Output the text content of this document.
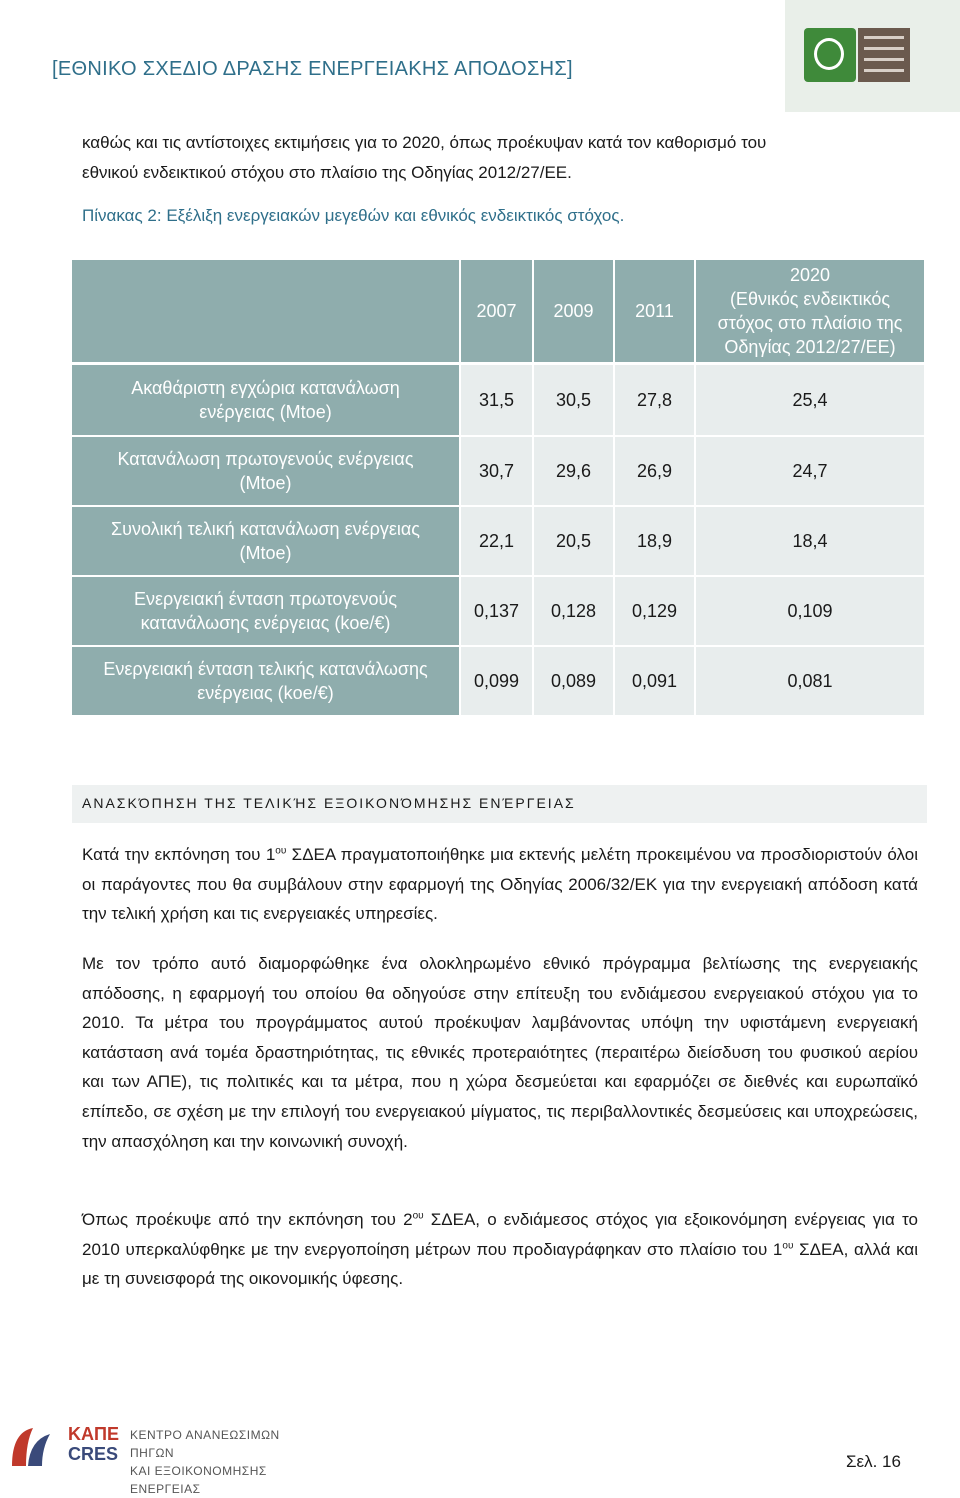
[ΕΘΝΙΚΟ ΣΧΕΔΙΟ ΔΡΑΣΗΣ ΕΝΕΡΓΕΙΑΚΗΣ ΑΠΟΔΟΣΗΣ]
καθώς και τις αντίστοιχες εκτιμήσεις για το 2020, όπως προέκυψαν κατά τον καθορισμό του
εθνικού ενδεικτικού στόχου στο πλαίσιο της Οδηγίας 2012/27/ΕΕ.
Πίνακας 2: Εξέλιξη ενεργειακών μεγεθών και εθνικός ενδεικτικός στόχος.
2007	2009	2011
2020
(Εθνικός ενδεικτικός
στόχος στο πλαίσιο της
Οδηγίας 2012/27/ΕΕ)
Ακαθάριστη εγχώρια κατανάλωση
ενέργειας (Mtoe)
31,5	30,5	27,8	25,4
Κατανάλωση πρωτογενούς ενέργειας
(Mtoe)
30,7	29,6	26,9	24,7
Συνολική τελική κατανάλωση ενέργειας
(Mtoe)
22,1	20,5	18,9	18,4
Ενεργειακή ένταση πρωτογενούς
κατανάλωσης ενέργειας (koe/€)
0,137	0,128	0,129	0,109
Ενεργειακή ένταση τελικής κατανάλωσης
ενέργειας (koe/€)
0,099	0,089	0,091	0,081
ΑΝΑΣΚΌΠΗΣΗ ΤΗΣ ΤΕΛΙΚΉΣ ΕΞΟΙΚΟΝΌΜΗΣΗΣ ΕΝΈΡΓΕΙΑΣ
Κατά την εκπόνηση του $1^{o\upsilon}$ ΣΔΕΑ πραγματοποιήθηκε μια εκτενής μελέτη προκειμένου να προσδιοριστούν όλοι οι παράγοντες που θα συμβάλουν στην εφαρμογή της Οδηγίας 2006/32/ΕΚ για την ενεργειακή απόδοση κατά την τελική χρήση και τις ενεργειακές υπηρεσίες.
Με τον τρόπο αυτό διαμορφώθηκε ένα ολοκληρωμένο εθνικό πρόγραμμα βελτίωσης της ενεργειακής απόδοσης, η εφαρμογή του οποίου θα οδηγούσε στην επίτευξη του ενδιάμεσου ενεργειακού στόχου για το 2010. Τα μέτρα του προγράμματος αυτού προέκυψαν λαμβάνοντας υπόψη την υφιστάμενη ενεργειακή κατάσταση ανά τομέα δραστηριότητας, τις εθνικές προτεραιότητες (περαιτέρω διείσδυση του φυσικού αερίου και των ΑΠΕ), τις πολιτικές και τα μέτρα, που η χώρα δεσμεύεται και εφαρμόζει σε διεθνές και ευρωπαϊκό επίπεδο, σε σχέση με την επιλογή του ενεργειακού μίγματος, τις περιβαλλοντικές δεσμεύσεις και υποχρεώσεις, την απασχόληση και την κοινωνική συνοχή.
Όπως προέκυψε από την εκπόνηση του $2^{o\upsilon}$ ΣΔΕΑ, ο ενδιάμεσος στόχος για εξοικονόμηση ενέργειας για το 2010 υπερκαλύφθηκε με την ενεργοποίηση μέτρων που προδιαγράφηκαν στο πλαίσιο του $1^{o\upsilon}$ ΣΔΕΑ, αλλά και με τη συνεισφορά της οικονομικής ύφεσης.
ΚΑΠΕ
CRES
ΚΕΝΤΡΟ ΑΝΑΝΕΩΣΙΜΩΝ ΠΗΓΩΝ
ΚΑΙ ΕΞΟΙΚΟΝΟΜΗΣΗΣ ΕΝΕΡΓΕΙΑΣ
Σελ. 16
